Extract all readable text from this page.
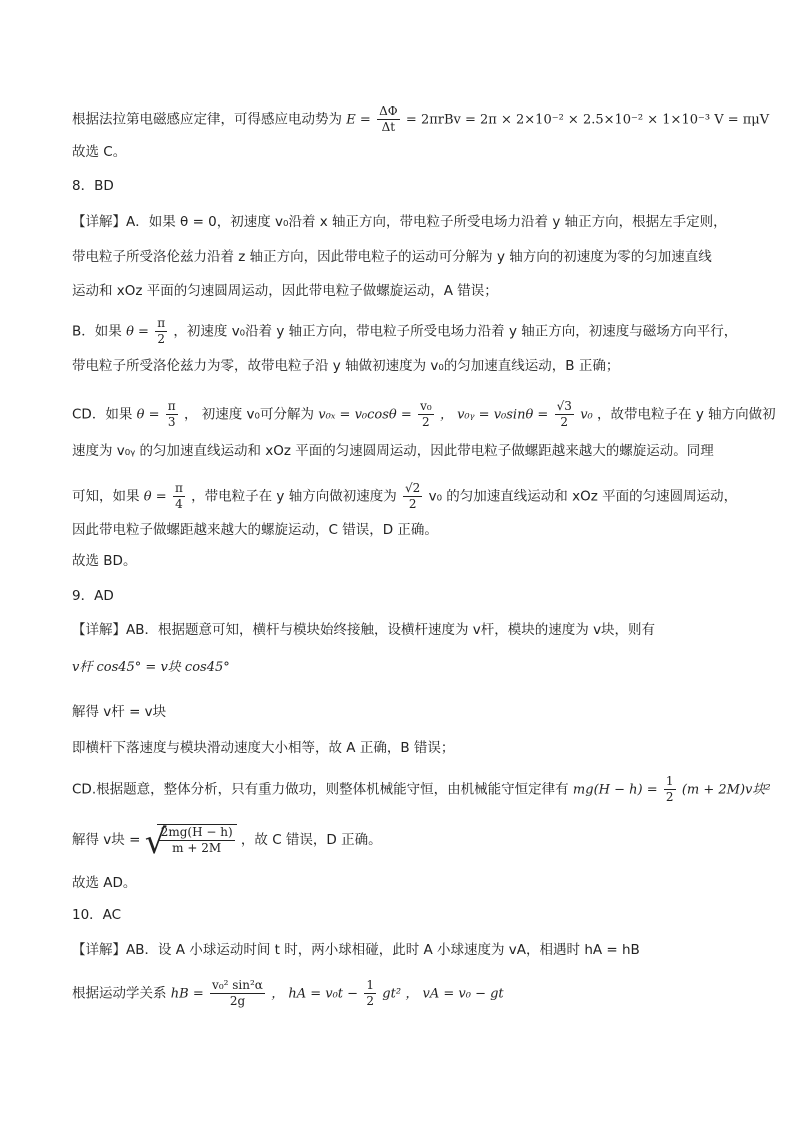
根据法拉第电磁感应定律，可得感应电动势为 $E = \frac{\Delta\Phi}{\Delta t} = 2\pi rBv = 2\pi \times 2\times 10^{-2} \times 2.5\times 10^{-2} \times 1\times 10^{-3}$ V = πμV
故选 C。
8．BD
【详解】A．如果 θ = 0，初速度 v₀沿着 x 轴正方向，带电粒子所受电场力沿着 y 轴正方向，根据左手定则，
带电粒子所受洛伦兹力沿着 z 轴正方向，因此带电粒子的运动可分解为 y 轴方向的初速度为零的匀加速直线
运动和 xOz 平面的匀速圆周运动，因此带电粒子做螺旋运动，A 错误；
B．如果 $\theta = \frac{\pi}{2}$ ，初速度 v₀沿着 y 轴正方向，带电粒子所受电场力沿着 y 轴正方向，初速度与磁场方向平行，
带电粒子所受洛伦兹力为零，故带电粒子沿 y 轴做初速度为 v₀的匀加速直线运动，B 正确；
CD．如果 $\theta = \frac{\pi}{3}$ ， 初速度 v₀可分解为 $v_{0x} = v_0\cos\theta = \frac{\text{v₀}}{2}$ ， v₀ᵧ = $v_0\sin\theta = \frac{√3}{2} v_0$ ，故带电粒子在 y 轴方向做初
速度为 v₀ᵧ 的匀加速直线运动和 xOz 平面的匀速圆周运动，因此带电粒子做螺距越来越大的螺旋运动。同理
可知，如果 $\theta = \frac{\pi}{4}$ ，带电粒子在 y 轴方向做初速度为 $\frac{√2}{2} v_0$ 的匀加速直线运动和 xOz 平面的匀速圆周运动，
因此带电粒子做螺距越来越大的螺旋运动，C 错误，D 正确。
故选 BD。
9．AD
【详解】AB．根据题意可知，横杆与模块始终接触，设横杆速度为 v杆，模块的速度为 v块，则有
v杆 cos45° = v块 cos45°
解得 v杆 = v块
即横杆下落速度与模块滑动速度大小相等，故 A 正确，B 错误；
CD.根据题意，整体分析，只有重力做功，则整体机械能守恒，由机械能守恒定律有 $mg(H - h) = \frac{1}{2} (m + 2M)v$块²
解得 v块 = √
$\frac{2mg(H - h)}{m + 2M}$ ，故 C 错误，D 正确。
故选 AD。
10．AC
【详解】AB．设 A 小球运动时间 t 时，两小球相碰，此时 A 小球速度为 vA，相遇时 hA = hB
根据运动学关系 hB = $\frac{\text{v₀² sin²α}}{2g}$ ， hA = $v_0t - \frac{1}{2} gt^2$ ， vA = v₀ − gt
